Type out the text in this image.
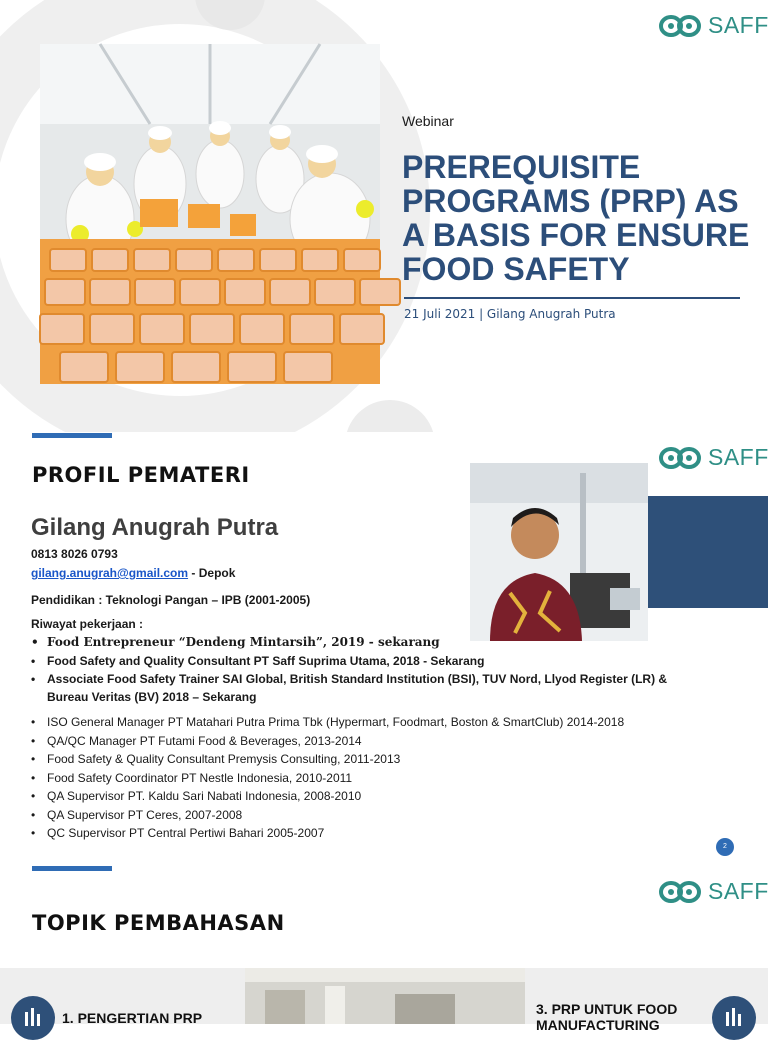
SAFF
Webinar
PREREQUISITE
PROGRAMS (PRP) AS
A BASIS FOR ENSURE
FOOD SAFETY
21 Juli 2021 | Gilang Anugrah Putra
SAFF
PROFIL PEMATERI
Gilang Anugrah Putra
0813 8026 0793
gilang.anugrah@gmail.com - Depok
Pendidikan : Teknologi Pangan – IPB (2001-2005)
Riwayat pekerjaan :
• Food Entrepreneur “Dendeng Mintarsih”, 2019 - sekarang
• Food Safety and Quality Consultant PT Saff Suprima Utama, 2018 - Sekarang
• Associate Food Safety Trainer SAI Global, British Standard Institution (BSI), TUV Nord, Llyod Register (LR) &
Bureau Veritas (BV) 2018 – Sekarang
• ISO General Manager PT Matahari Putra Prima Tbk (Hypermart, Foodmart, Boston & SmartClub) 2014-2018
• QA/QC Manager PT Futami Food & Beverages, 2013-2014
• Food Safety & Quality Consultant Premysis Consulting, 2011-2013
• Food Safety Coordinator PT Nestle Indonesia, 2010-2011
• QA Supervisor PT. Kaldu Sari Nabati Indonesia, 2008-2010
• QA Supervisor PT Ceres, 2007-2008
• QC Supervisor PT Central Pertiwi Bahari 2005-2007
2
SAFF
TOPIK PEMBAHASAN
1. PENGERTIAN PRP
3. PRP UNTUK FOOD
MANUFACTURING
